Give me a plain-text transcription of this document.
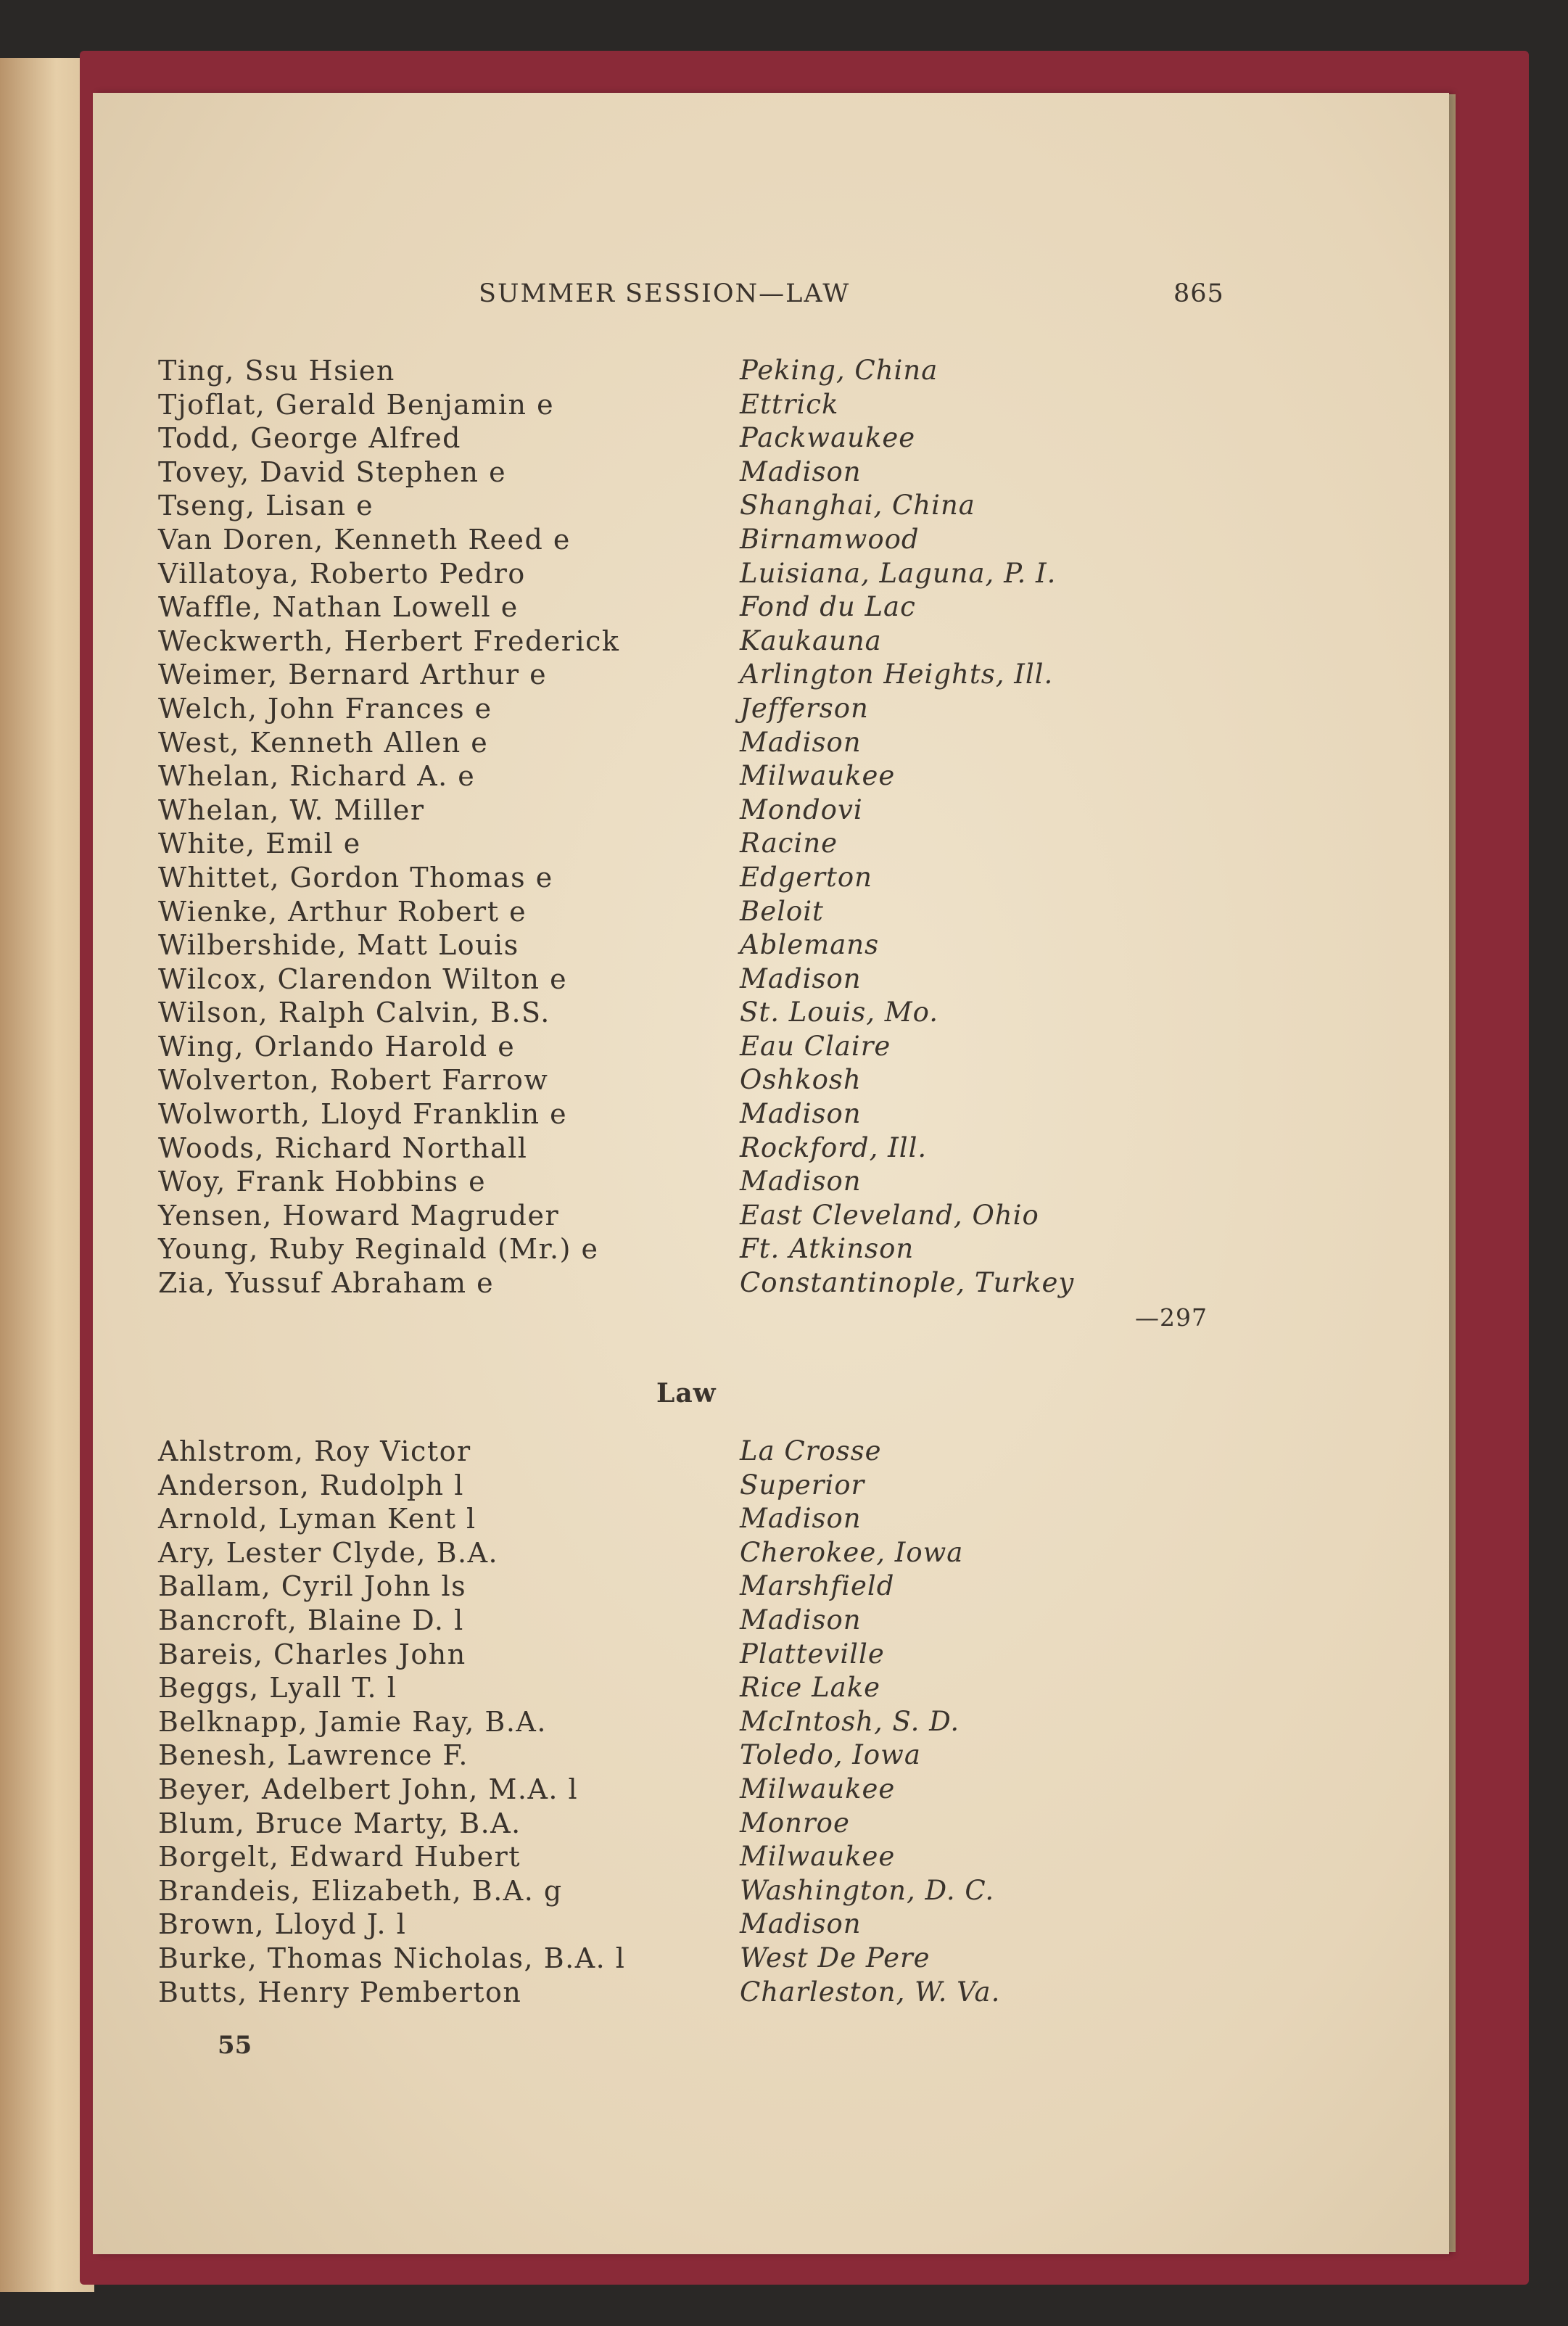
SUMMER SESSION—LAW	865
Ting, Ssu Hsien
Tjoflat, Gerald Benjamin e
Todd, George Alfred
Tovey, David Stephen e
Tseng, Lisan e
Van Doren, Kenneth Reed e
Villatoya, Roberto Pedro
Waffle, Nathan Lowell e
Weckwerth, Herbert Frederick
Weimer, Bernard Arthur e
Welch, John Frances e
West, Kenneth Allen e
Whelan, Richard A. e
Whelan, W. Miller
White, Emil e
Whittet, Gordon Thomas e
Wienke, Arthur Robert e
Wilbershide, Matt Louis
Wilcox, Clarendon Wilton e
Wilson, Ralph Calvin, B.S.
Wing, Orlando Harold e
Wolverton, Robert Farrow
Wolworth, Lloyd Franklin e
Woods, Richard Northall
Woy, Frank Hobbins e
Yensen, Howard Magruder
Young, Ruby Reginald (Mr.) e
Zia, Yussuf Abraham e
Peking, China
Ettrick
Packwaukee
Madison
Shanghai, China
Birnamwood
Luisiana, Laguna, P. I.
Fond du Lac
Kaukauna
Arlington Heights, Ill.
Jefferson
Madison
Milwaukee
Mondovi
Racine
Edgerton
Beloit
Ablemans
Madison
St. Louis, Mo.
Eau Claire
Oshkosh
Madison
Rockford, Ill.
Madison
East Cleveland, Ohio
Ft. Atkinson
Constantinople, Turkey
—297
Law
Ahlstrom, Roy Victor
Anderson, Rudolph l
Arnold, Lyman Kent l
Ary, Lester Clyde, B.A.
Ballam, Cyril John ls
Bancroft, Blaine D. l
Bareis, Charles John
Beggs, Lyall T. l
Belknapp, Jamie Ray, B.A.
Benesh, Lawrence F.
Beyer, Adelbert John, M.A. l
Blum, Bruce Marty, B.A.
Borgelt, Edward Hubert
Brandeis, Elizabeth, B.A. g
Brown, Lloyd J. l
Burke, Thomas Nicholas, B.A. l
Butts, Henry Pemberton
La Crosse
Superior
Madison
Cherokee, Iowa
Marshfield
Madison
Platteville
Rice Lake
McIntosh, S. D.
Toledo, Iowa
Milwaukee
Monroe
Milwaukee
Washington, D. C.
Madison
West De Pere
Charleston, W. Va.
55
